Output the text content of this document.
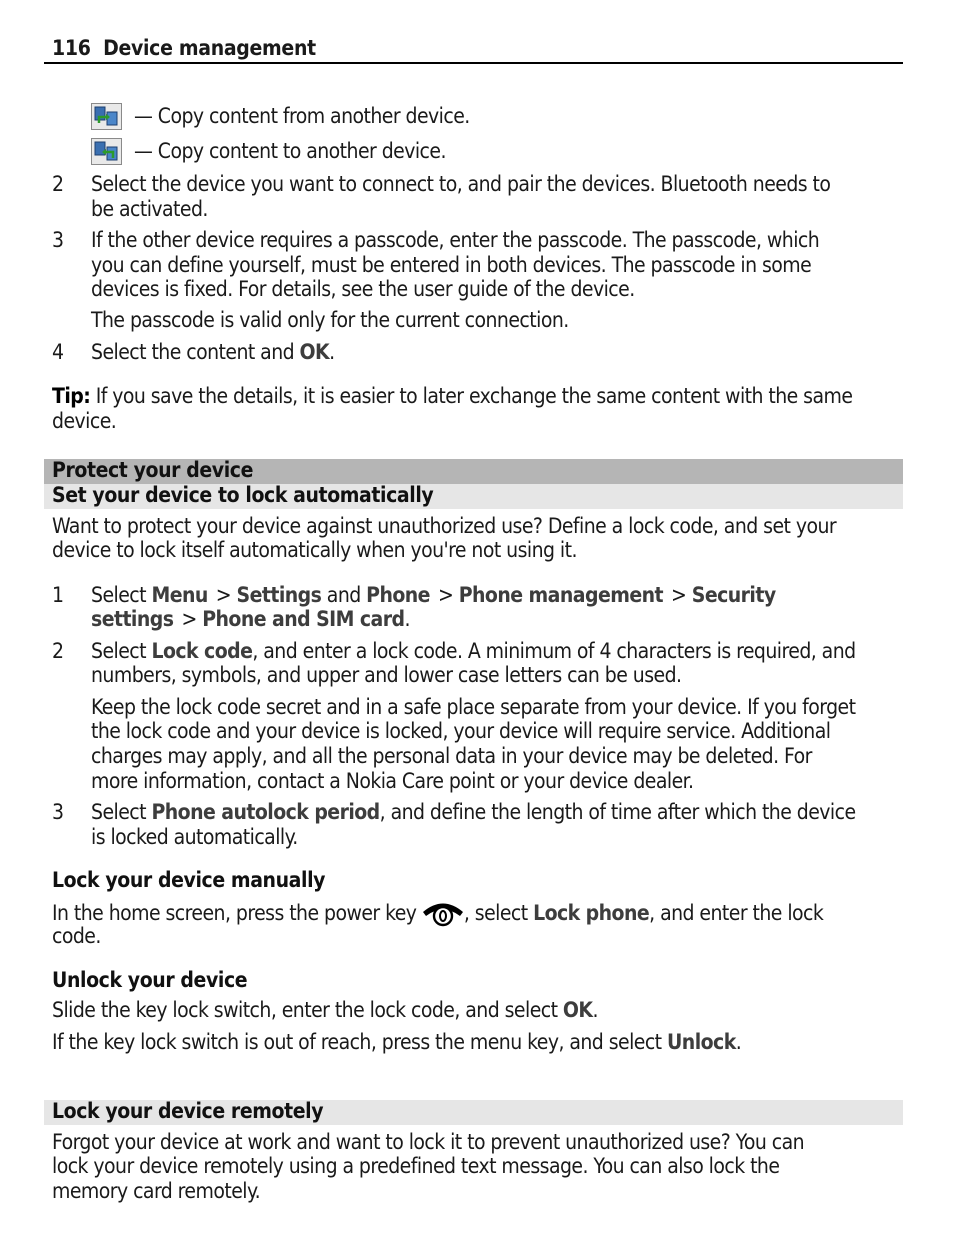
116 Device management
— Copy content from another device.
— Copy content to another device.
2 Select the device you want to connect to, and pair the devices. Bluetooth needs to
be activated.
3 If the other device requires a passcode, enter the passcode. The passcode, which
you can define yourself, must be entered in both devices. The passcode in some
devices is fixed. For details, see the user guide of the device.
The passcode is valid only for the current connection.
4 Select the content and OK.
Tip: If you save the details, it is easier to later exchange the same content with the same
device.
Protect your device
Set your device to lock automatically
Want to protect your device against unauthorized use? Define a lock code, and set your
device to lock itself automatically when you're not using it.
1 Select Menu > Settings and Phone > Phone management > Security
settings > Phone and SIM card.
2 Select Lock code, and enter a lock code. A minimum of 4 characters is required, and
numbers, symbols, and upper and lower case letters can be used.
Keep the lock code secret and in a safe place separate from your device. If you forget
the lock code and your device is locked, your device will require service. Additional
charges may apply, and all the personal data in your device may be deleted. For
more information, contact a Nokia Care point or your device dealer.
3 Select Phone autolock period, and define the length of time after which the device
is locked automatically.
Lock your device manually
In the home screen, press the power key , select Lock phone, and enter the lock
code.
Unlock your device
Slide the key lock switch, enter the lock code, and select OK.
If the key lock switch is out of reach, press the menu key, and select Unlock.
Lock your device remotely
Forgot your device at work and want to lock it to prevent unauthorized use? You can
lock your device remotely using a predefined text message. You can also lock the
memory card remotely.
